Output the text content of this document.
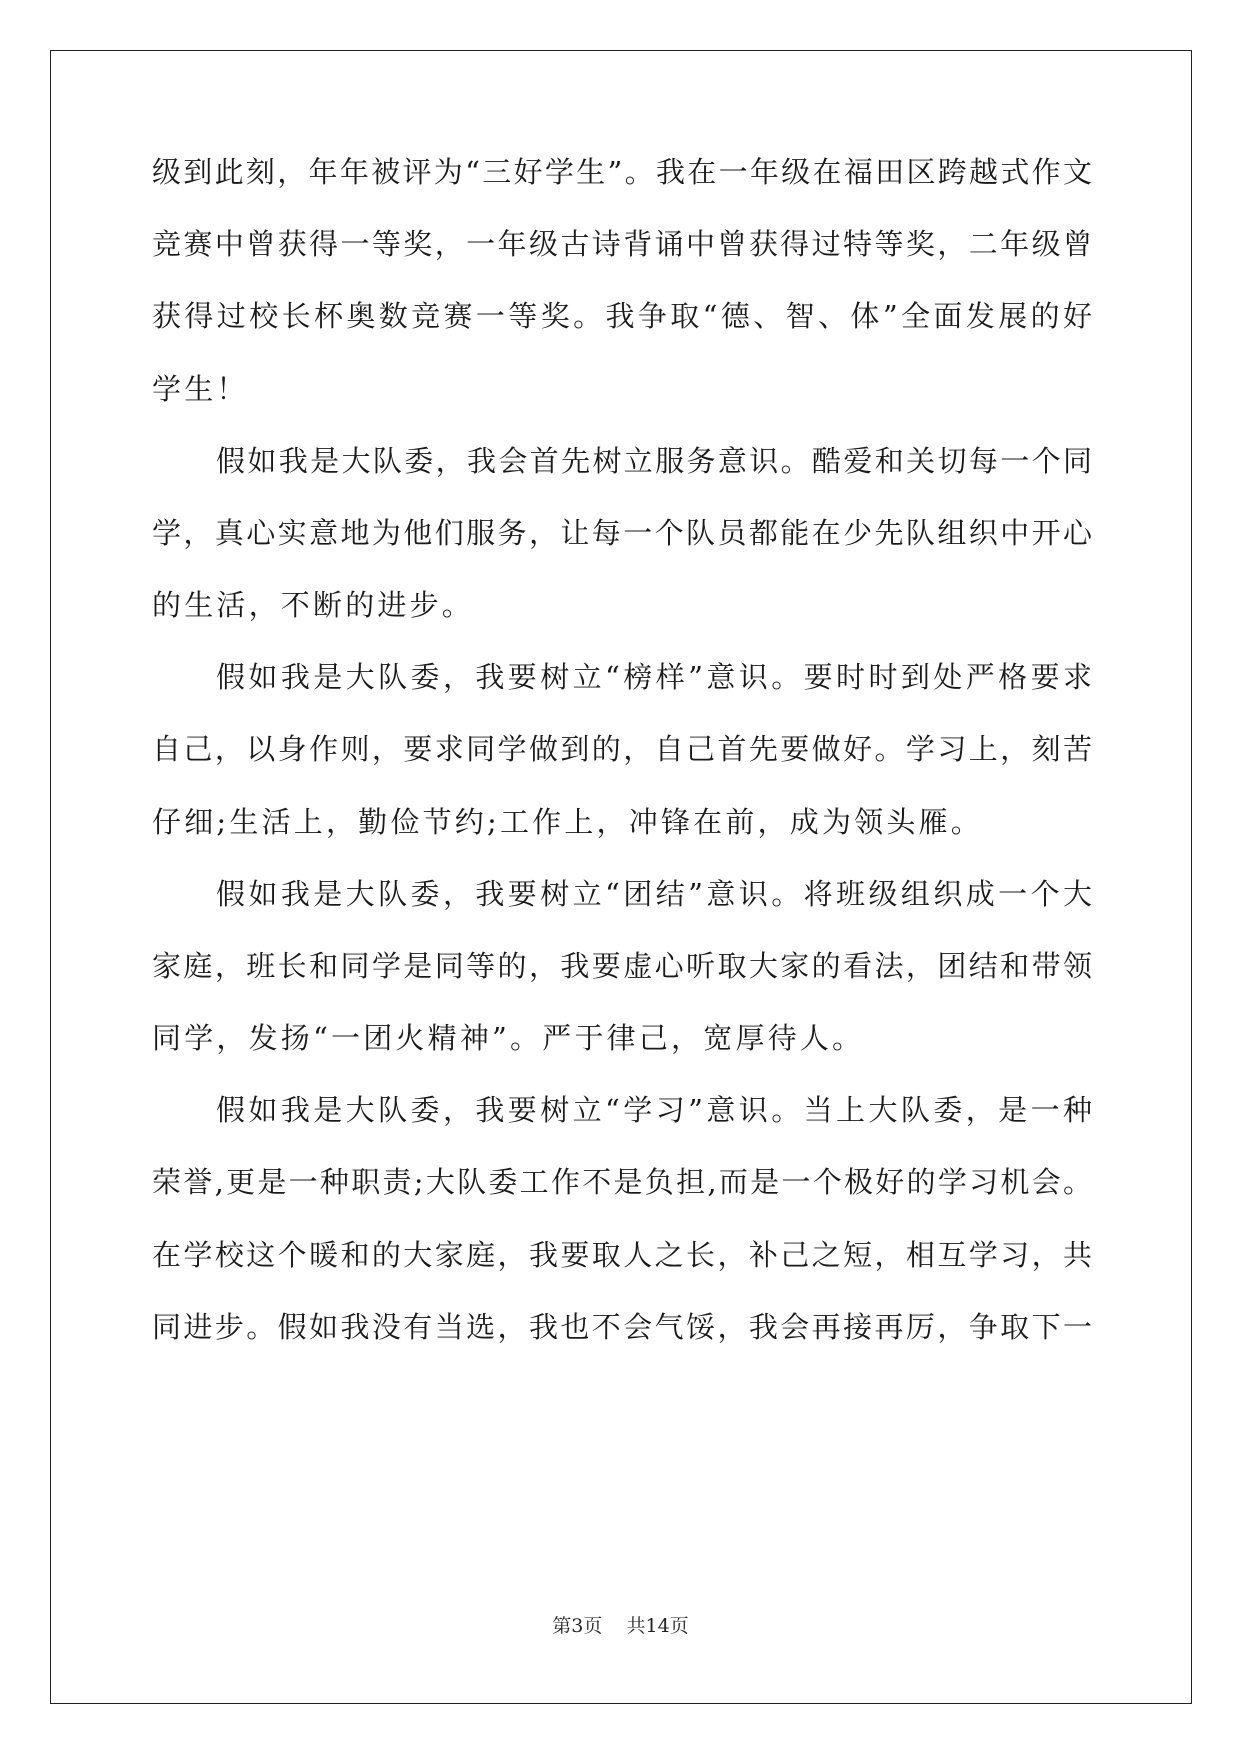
级到此刻，年年被评为“三好学生”。我在一年级在福田区跨越式作文
竞赛中曾获得一等奖，一年级古诗背诵中曾获得过特等奖，二年级曾
获得过校长杯奥数竞赛一等奖。我争取“德、智、体”全面发展的好
学生！
假如我是大队委，我会首先树立服务意识。酷爱和关切每一个同
学，真心实意地为他们服务，让每一个队员都能在少先队组织中开心
的生活，不断的进步。
假如我是大队委，我要树立“榜样”意识。要时时到处严格要求
自己，以身作则，要求同学做到的，自己首先要做好。学习上，刻苦
仔细;生活上，勤俭节约;工作上，冲锋在前，成为领头雁。
假如我是大队委，我要树立“团结”意识。将班级组织成一个大
家庭，班长和同学是同等的，我要虚心听取大家的看法，团结和带领
同学，发扬“一团火精神”。严于律己，宽厚待人。
假如我是大队委，我要树立“学习”意识。当上大队委，是一种
荣誉,更是一种职责;大队委工作不是负担,而是一个极好的学习机会。
在学校这个暖和的大家庭，我要取人之长，补己之短，相互学习，共
同进步。假如我没有当选，我也不会气馁，我会再接再厉，争取下一
第3页 共14页
